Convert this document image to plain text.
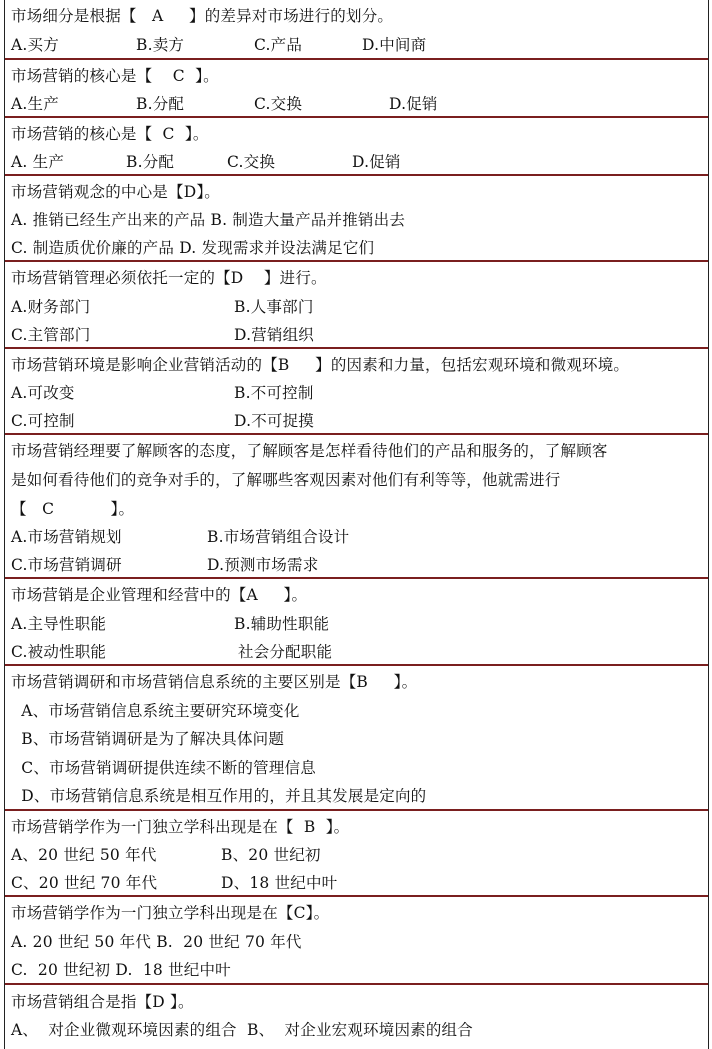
市场细分是根据【   A     】的差异对市场进行的划分。
A.买方	B.卖方	C.产品	D.中间商
市场营销的核心是【    C  】。
A.生产	B.分配	C.交换	D.促销
市场营销的核心是【  C  】。
A. 生产	B.分配	C.交换	D.促销
市场营销观念的中心是【D】。
A. 推销已经生产出来的产品 B. 制造大量产品并推销出去
C. 制造质优价廉的产品 D. 发现需求并设法满足它们
市场营销管理必须依托一定的【D    】进行。
A.财务部门	B.人事部门
C.主管部门	D.营销组织
市场营销环境是影响企业营销活动的【B     】的因素和力量，包括宏观环境和微观环境。
A.可改变	B.不可控制
C.可控制	D.不可捉摸
市场营销经理要了解顾客的态度，了解顾客是怎样看待他们的产品和服务的，了解顾客
是如何看待他们的竞争对手的，了解哪些客观因素对他们有利等等，他就需进行
【   C           】。
A.市场营销规划	B.市场营销组合设计
C.市场营销调研	D.预测市场需求
市场营销是企业管理和经营中的【A     】。
A.主导性职能	B.辅助性职能
C.被动性职能	社会分配职能
市场营销调研和市场营销信息系统的主要区别是【B     】。
A、市场营销信息系统主要研究环境变化
B、市场营销调研是为了解决具体问题
C、市场营销调研提供连续不断的管理信息
D、市场营销信息系统是相互作用的，并且其发展是定向的
市场营销学作为一门独立学科出现是在【  B  】。
A、20 世纪 50 年代	B、20 世纪初
C、20 世纪 70 年代	D、18 世纪中叶
市场营销学作为一门独立学科出现是在【C】。
A. 20 世纪 50 年代 B.  20 世纪 70 年代
C.  20 世纪初 D.  18 世纪中叶
市场营销组合是指【D 】。
A、  对企业微观环境因素的组合  B、  对企业宏观环境因素的组合
